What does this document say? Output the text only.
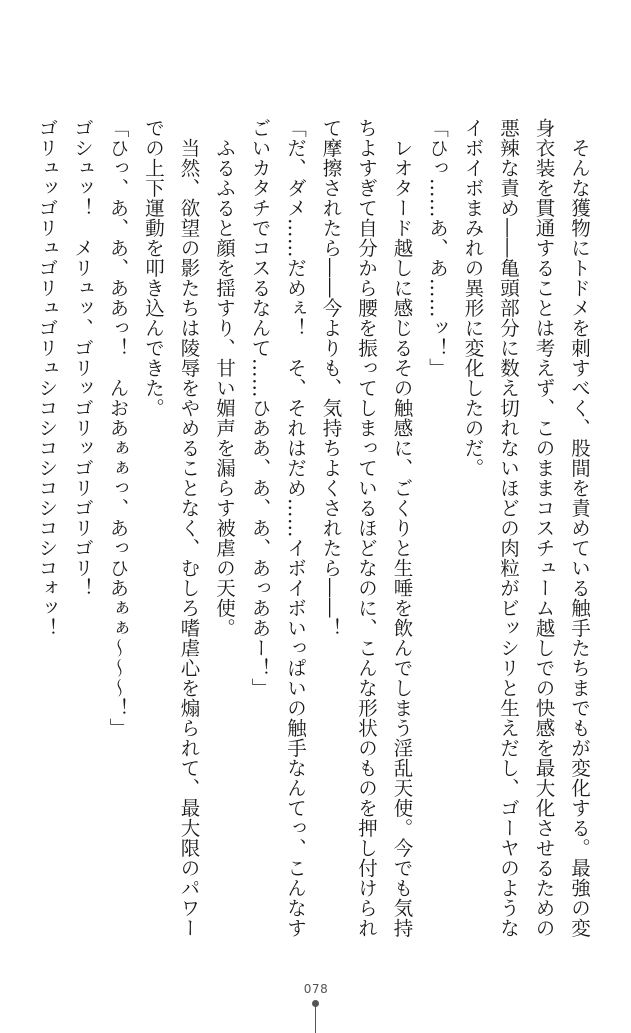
そんな獲物にトドメを刺すべく、股間を責めている触手たちまでもが変化する。最強の変身衣装を貫通することは考えず、このままコスチューム越しでの快感を最大化させるための悪辣な責め――亀頭部分に数え切れないほどの肉粒がビッシリと生えだし、ゴーヤのようなイボイボまみれの異形に変化したのだ。

「ひっ……あ、あ……ッ！」

レオタード越しに感じるその触感に、ごくりと生唾を飲んでしまう淫乱天使。今でも気持ちよすぎて自分から腰を振ってしまっているほどなのに、こんな形状のものを押し付けられて摩擦されたら――今よりも、気持ちよくされたら――！

「だ、ダメ……だめぇ！　そ、それはだめ……イボイボいっぱいの触手なんてっ、こんなすごいカタチでコスるなんて……ひああ、あ、あ、あっああー！」

ふるふると顔を揺すり、甘い媚声を漏らす被虐の天使。

当然、欲望の影たちは陵辱をやめることなく、むしろ嗜虐心を煽られて、最大限のパワーでの上下運動を叩き込んできた。

「ひっ、あ、あ、ああっ！　んおあぁぁっ、あっひあぁぁ～～～！」

ゴシュッ！　メリュッ、ゴリッゴリッゴリゴリゴリ！

ゴリュッゴリュゴリュゴリュシコシコシコシコシコォッ！

078
